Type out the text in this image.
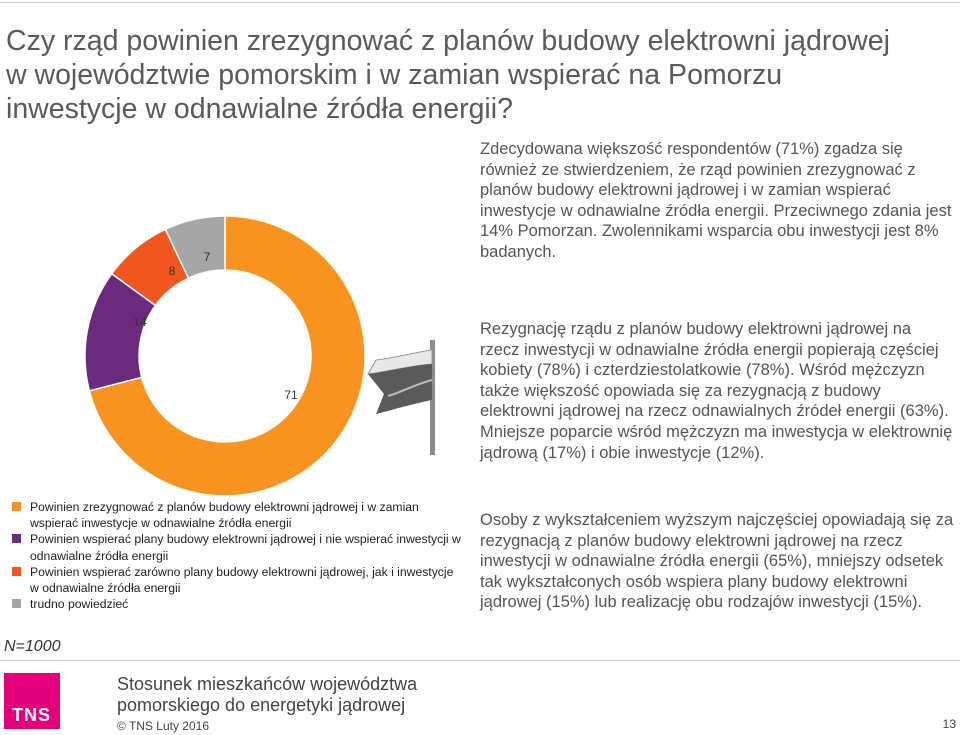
Czy rząd powinien zrezygnować z planów budowy elektrowni jądrowej w województwie pomorskim i w zamian wspierać na Pomorzu inwestycje w odnawialne źródła energii?
71
14
8
7

Zdecydowana większość respondentów (71%) zgadza się również ze stwierdzeniem, że rząd powinien zrezygnować z planów budowy elektrowni jądrowej i w zamian wspierać inwestycje w odnawialne źródła energii. Przeciwnego zdania jest 14% Pomorzan. Zwolennikami wsparcia obu inwestycji jest 8% badanych.

Rezygnację rządu z planów budowy elektrowni jądrowej na rzecz inwestycji w odnawialne źródła energii popierają częściej kobiety (78%) i czterdziestolatkowie (78%). Wśród mężczyzn także większość opowiada się za rezygnacją z budowy elektrowni jądrowej na rzecz odnawialnych źródeł energii (63%). Mniejsze poparcie wśród mężczyzn ma inwestycja w elektrownię jądrową (17%) i obie inwestycje (12%).

Osoby z wykształceniem wyższym najczęściej opowiadają się za rezygnacją z planów budowy elektrowni jądrowej na rzecz inwestycji w odnawialne źródła energii (65%), mniejszy odsetek tak wykształconych osób wspiera plany budowy elektrowni jądrowej (15%) lub realizację obu rodzajów inwestycji (15%).

Powinien zrezygnować z planów budowy elektrowni jądrowej i w zamian wspierać inwestycje w odnawialne źródła energii
Powinien wspierać plany budowy elektrowni jądrowej i nie wspierać inwestycji w odnawialne źródła energii
Powinien wspierać zarówno plany budowy elektrowni jądrowej, jak i inwestycje w odnawialne źródła energii
trudno powiedzieć
N=1000
TNS
Stosunek mieszkańców województwa pomorskiego do energetyki jądrowej
© TNS Luty 2016	13
